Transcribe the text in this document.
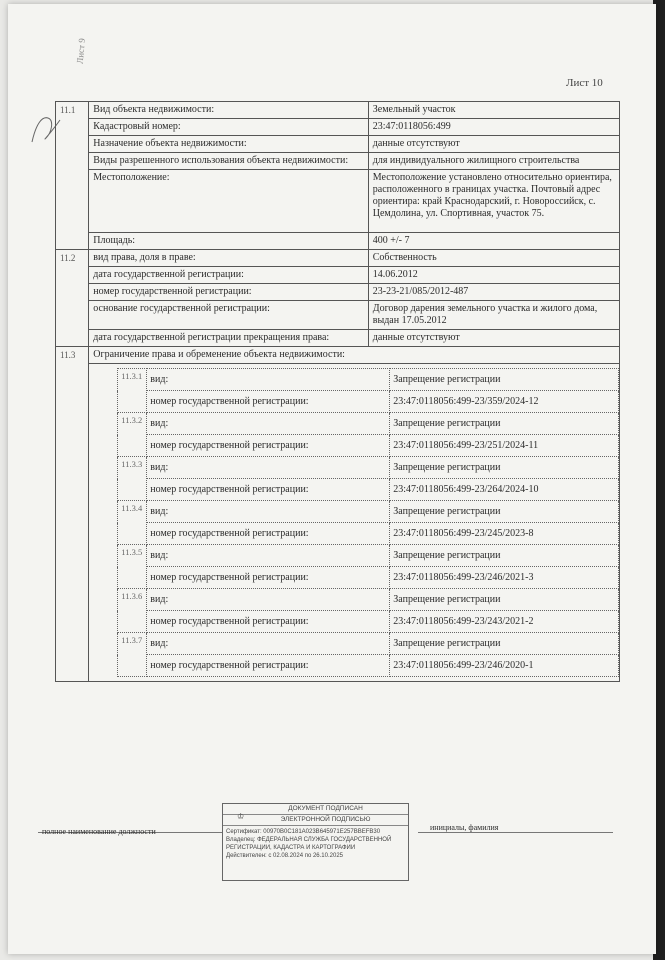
Лист 9
Лист 10
11.1	Вид объекта недвижимости:	Земельный участок
Кадастровый номер:	23:47:0118056:499
Назначение объекта недвижимости:	данные отсутствуют
Виды разрешенного использования объекта недвижимости:	для индивидуального жилищного строительства
Местоположение:	Местоположение установлено относительно ориентира, расположенного в границах участка. Почтовый адрес ориентира: край Краснодарский, г. Новороссийск, с. Цемдолина, ул. Спортивная, участок 75.
Площадь:	400 +/- 7
11.2	вид права, доля в праве:	Собственность
дата государственной регистрации:	14.06.2012
номер государственной регистрации:	23-23-21/085/2012-487
основание государственной регистрации:	Договор дарения земельного участка и жилого дома, выдан 17.05.2012
дата государственной регистрации прекращения права:	данные отсутствуют
11.3	Ограничение права и обременение объекта недвижимости:

11.3.1	вид:	Запрещение регистрации
номер государственной регистрации:	23:47:0118056:499-23/359/2024-12
11.3.2	вид:	Запрещение регистрации
номер государственной регистрации:	23:47:0118056:499-23/251/2024-11
11.3.3	вид:	Запрещение регистрации
номер государственной регистрации:	23:47:0118056:499-23/264/2024-10
11.3.4	вид:	Запрещение регистрации
номер государственной регистрации:	23:47:0118056:499-23/245/2023-8
11.3.5	вид:	Запрещение регистрации
номер государственной регистрации:	23:47:0118056:499-23/246/2021-3
11.3.6	вид:	Запрещение регистрации
номер государственной регистрации:	23:47:0118056:499-23/243/2021-2
11.3.7	вид:	Запрещение регистрации
номер государственной регистрации:	23:47:0118056:499-23/246/2020-1
полное наименование должности	инициалы, фамилия
♔
ДОКУМЕНТ ПОДПИСАН
ЭЛЕКТРОННОЙ ПОДПИСЬЮ
Сертификат: 00970B0C181A023B645971E257BBEFB30
Владелец: ФЕДЕРАЛЬНАЯ СЛУЖБА ГОСУДАРСТВЕННОЙ РЕГИСТРАЦИИ, КАДАСТРА И КАРТОГРАФИИ
Действителен: с 02.08.2024 по 26.10.2025
